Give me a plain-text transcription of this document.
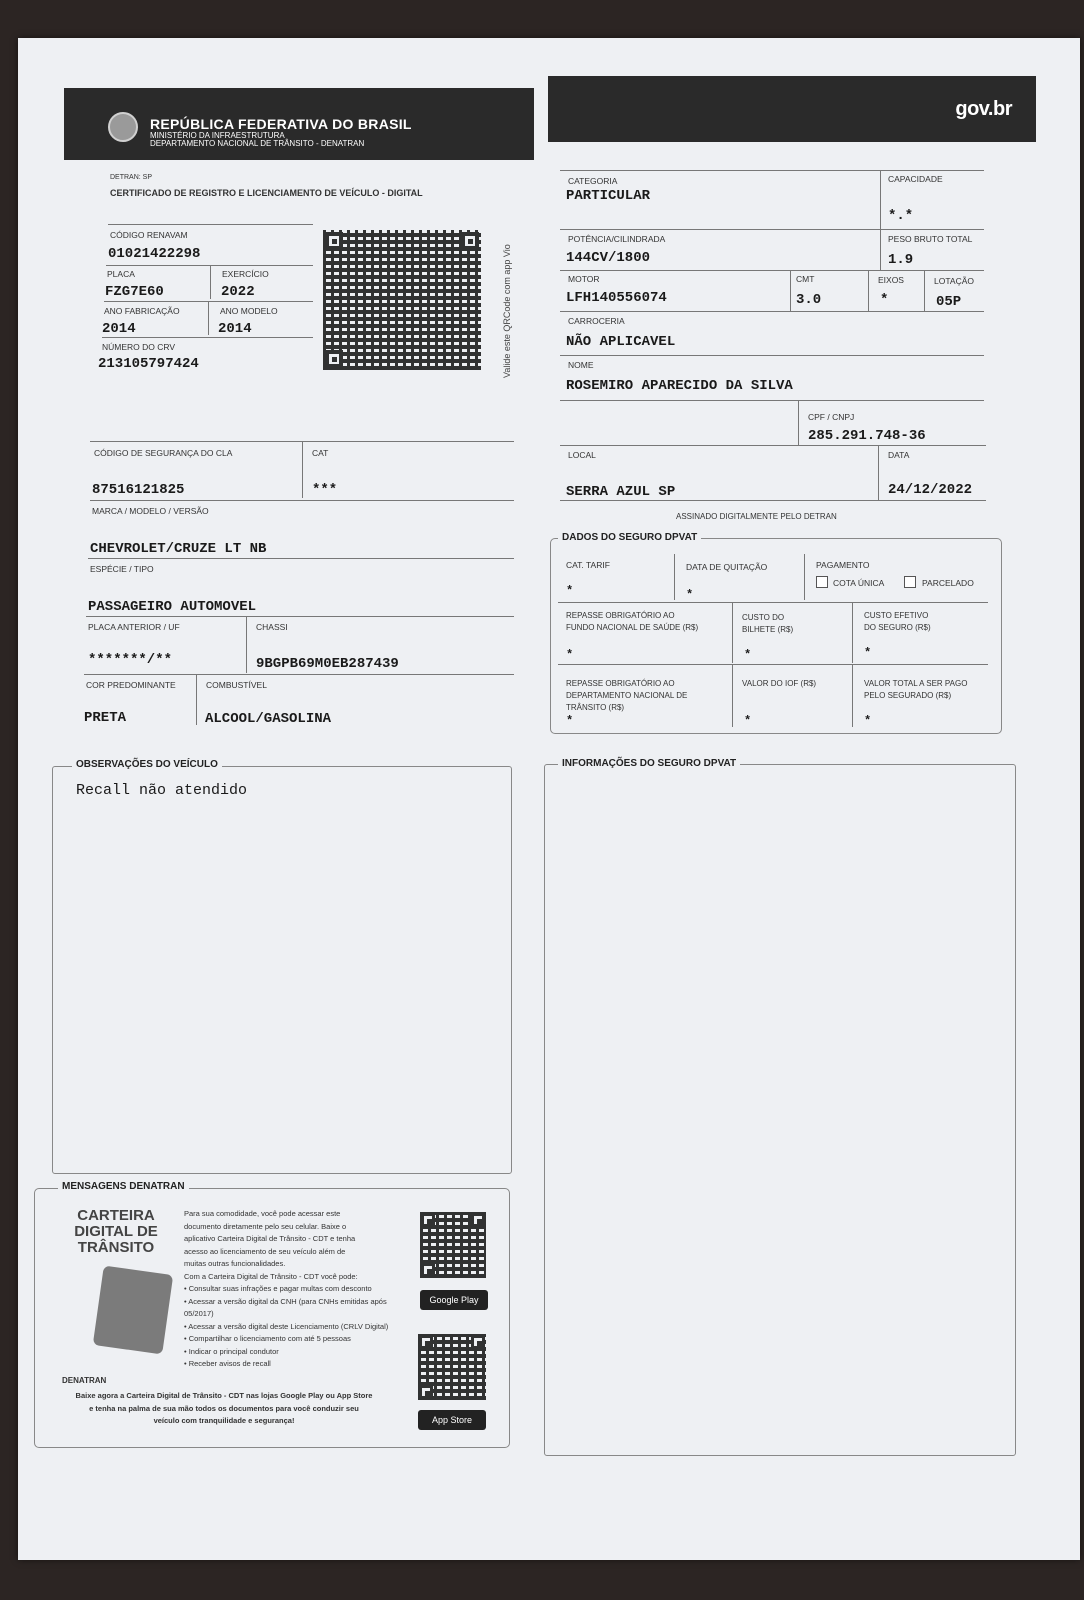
REPÚBLICA FEDERATIVA DO BRASIL
MINISTÉRIO DA INFRAESTRUTURA
DEPARTAMENTO NACIONAL DE TRÂNSITO - DENATRAN
gov.br
DETRAN: SP
CERTIFICADO DE REGISTRO E LICENCIAMENTO DE VEÍCULO - DIGITAL
CÓDIGO RENAVAM
01021422298
PLACA
FZG7E60
EXERCÍCIO
2022
ANO FABRICAÇÃO
2014
ANO MODELO
2014
NÚMERO DO CRV
213105797424	Valide este QRCode com app Vio
CÓDIGO DE SEGURANÇA DO CLA
87516121825
CAT
***
MARCA / MODELO / VERSÃO
CHEVROLET/CRUZE LT NB
ESPÉCIE / TIPO
PASSAGEIRO AUTOMOVEL
PLACA ANTERIOR / UF
*******/**
CHASSI
9BGPB69M0EB287439
COR PREDOMINANTE
PRETA
COMBUSTÍVEL
ALCOOL/GASOLINA
CATEGORIA
PARTICULAR
CAPACIDADE
*.*
POTÊNCIA/CILINDRADA
144CV/1800
PESO BRUTO TOTAL
1.9
MOTOR
LFH140556074
CMT
3.0
EIXOS
*
LOTAÇÃO
05P
CARROCERIA
NÃO APLICAVEL
NOME
ROSEMIRO APARECIDO DA SILVA
CPF / CNPJ
285.291.748-36
LOCAL
SERRA AZUL SP
DATA
24/12/2022
ASSINADO DIGITALMENTE PELO DETRAN
DADOS DO SEGURO DPVAT
CAT. TARIF
*
DATA DE QUITAÇÃO
*
PAGAMENTO
COTA ÚNICA	PARCELADO
REPASSE OBRIGATÓRIO AO
FUNDO NACIONAL DE SAÚDE (R$)
*
CUSTO DO
BILHETE (R$)
*
CUSTO EFETIVO
DO SEGURO (R$)
*
REPASSE OBRIGATÓRIO AO
DEPARTAMENTO NACIONAL DE
TRÂNSITO (R$)
*
VALOR DO IOF (R$)
*
VALOR TOTAL A SER PAGO
PELO SEGURADO (R$)
*
OBSERVAÇÕES DO VEÍCULO
Recall não atendido
INFORMAÇÕES DO SEGURO DPVAT
MENSAGENS DENATRAN
CARTEIRA
DIGITAL DE
TRÂNSITO
DENATRAN
Para sua comodidade, você pode acessar este
documento diretamente pelo seu celular. Baixe o
aplicativo Carteira Digital de Trânsito - CDT e tenha
acesso ao licenciamento de seu veículo além de
muitas outras funcionalidades.
Com a Carteira Digital de Trânsito - CDT você pode:
• Consultar suas infrações e pagar multas com desconto
• Acessar a versão digital da CNH (para CNHs emitidas após 05/2017)
• Acessar a versão digital deste Licenciamento (CRLV Digital)
• Compartilhar o licenciamento com até 5 pessoas
• Indicar o principal condutor
• Receber avisos de recall
Google Play
App Store
Baixe agora a Carteira Digital de Trânsito - CDT nas lojas Google Play ou App Store
e tenha na palma de sua mão todos os documentos para você conduzir seu
veículo com tranquilidade e segurança!
